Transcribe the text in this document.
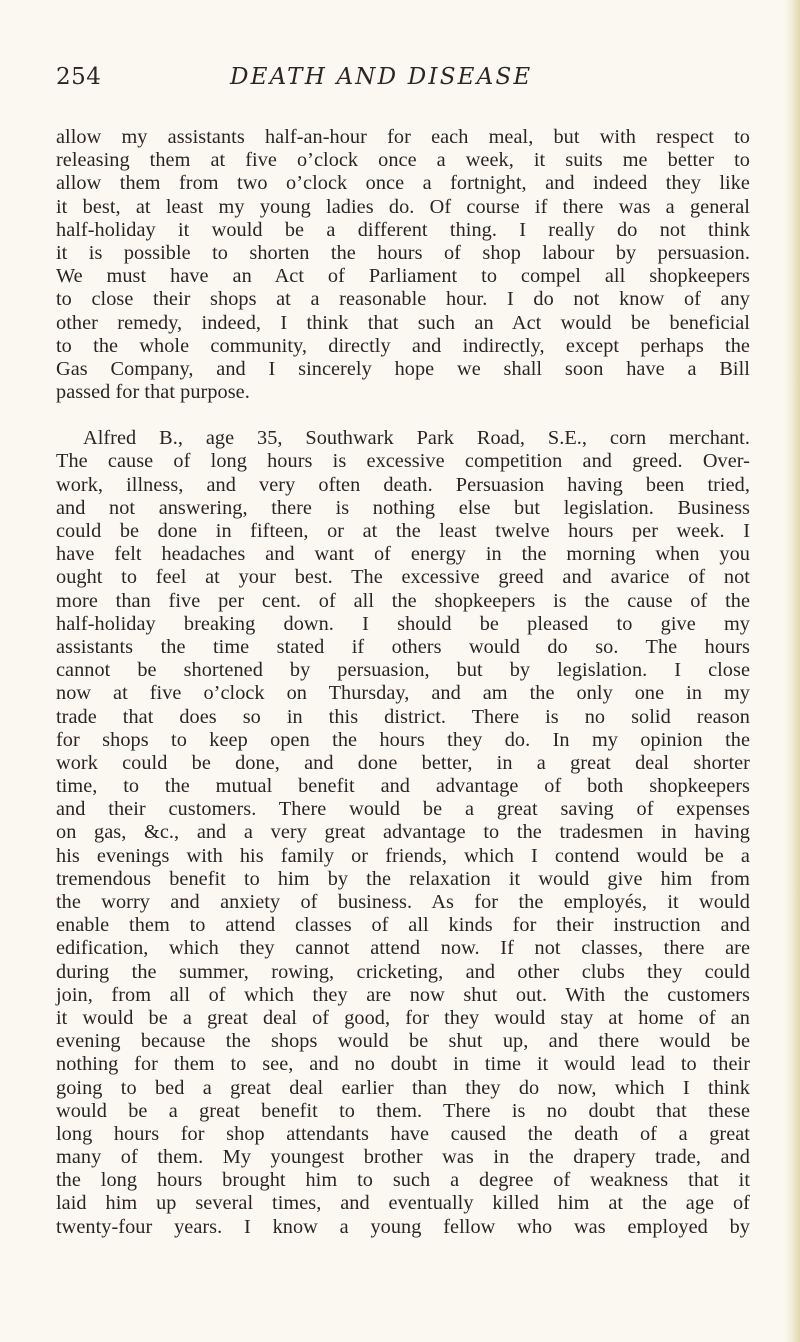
254	DEATH AND DISEASE
allow my assistants half-an-hour for each meal, but with respect to
releasing them at five o’clock once a week, it suits me better to
allow them from two o’clock once a fortnight, and indeed they like
it best, at least my young ladies do. Of course if there was a general
half-holiday it would be a different thing. I really do not think
it is possible to shorten the hours of shop labour by persuasion.
We must have an Act of Parliament to compel all shopkeepers
to close their shops at a reasonable hour. I do not know of any
other remedy, indeed, I think that such an Act would be beneficial
to the whole community, directly and indirectly, except perhaps the
Gas Company, and I sincerely hope we shall soon have a Bill
passed for that purpose.
Alfred B., age 35, Southwark Park Road, S.E., corn merchant.
The cause of long hours is excessive competition and greed. Over-
work, illness, and very often death. Persuasion having been tried,
and not answering, there is nothing else but legislation. Business
could be done in fifteen, or at the least twelve hours per week. I
have felt headaches and want of energy in the morning when you
ought to feel at your best. The excessive greed and avarice of not
more than five per cent. of all the shopkeepers is the cause of the
half-holiday breaking down. I should be pleased to give my
assistants the time stated if others would do so. The hours
cannot be shortened by persuasion, but by legislation. I close
now at five o’clock on Thursday, and am the only one in my
trade that does so in this district. There is no solid reason
for shops to keep open the hours they do. In my opinion the
work could be done, and done better, in a great deal shorter
time, to the mutual benefit and advantage of both shopkeepers
and their customers. There would be a great saving of expenses
on gas, &c., and a very great advantage to the tradesmen in having
his evenings with his family or friends, which I contend would be a
tremendous benefit to him by the relaxation it would give him from
the worry and anxiety of business. As for the employés, it would
enable them to attend classes of all kinds for their instruction and
edification, which they cannot attend now. If not classes, there are
during the summer, rowing, cricketing, and other clubs they could
join, from all of which they are now shut out. With the customers
it would be a great deal of good, for they would stay at home of an
evening because the shops would be shut up, and there would be
nothing for them to see, and no doubt in time it would lead to their
going to bed a great deal earlier than they do now, which I think
would be a great benefit to them. There is no doubt that these
long hours for shop attendants have caused the death of a great
many of them. My youngest brother was in the drapery trade, and
the long hours brought him to such a degree of weakness that it
laid him up several times, and eventually killed him at the age of
twenty-four years. I know a young fellow who was employed by
